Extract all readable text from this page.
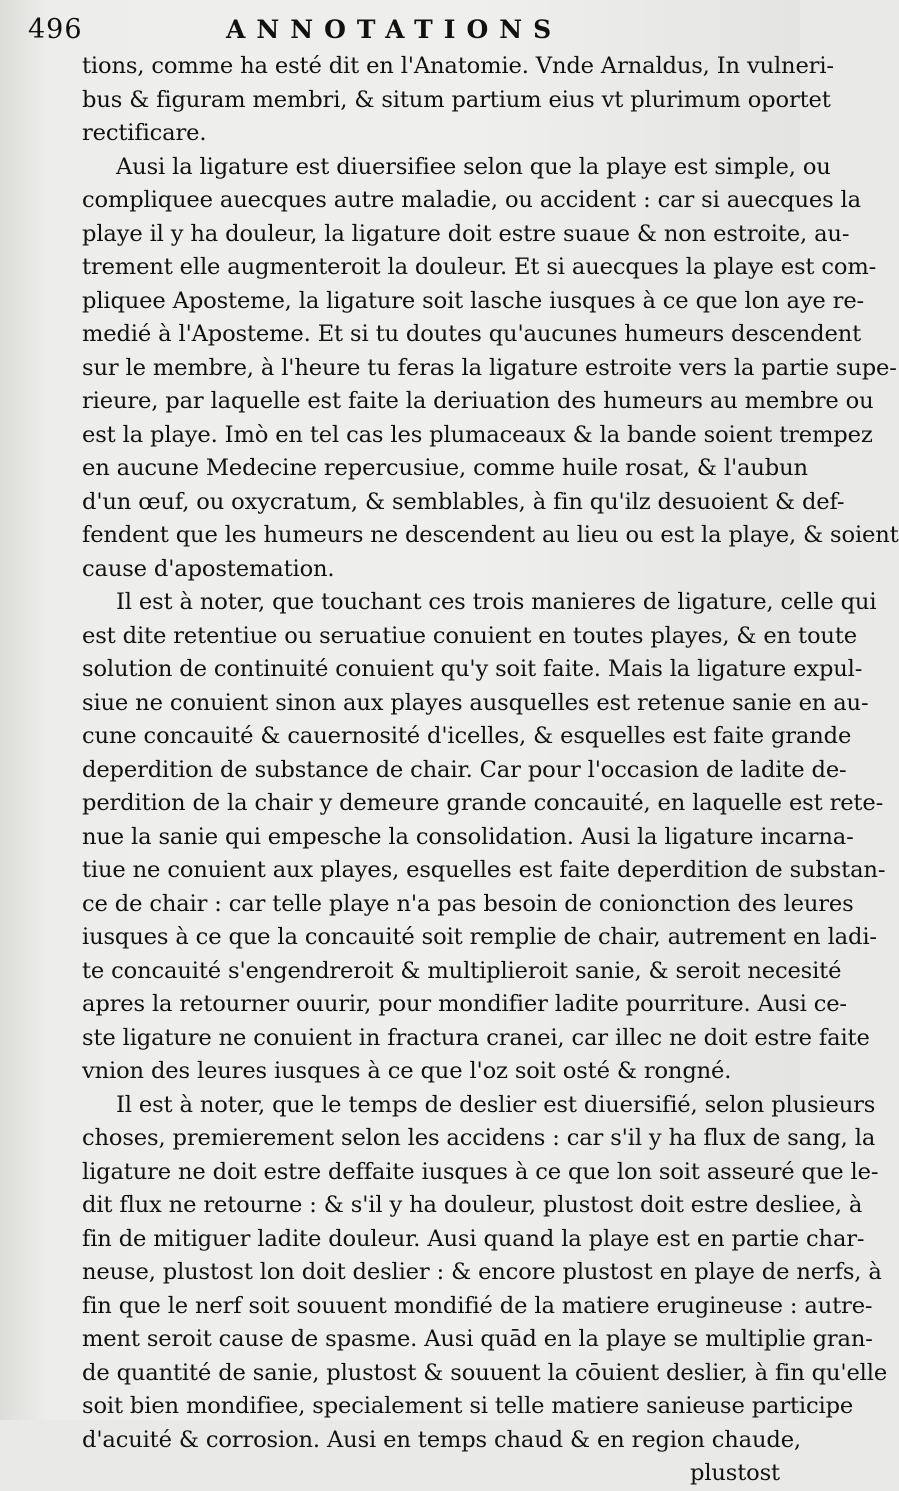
496	ANNOTATIONS
tions, comme ha esté dit en l'Anatomie. Vnde Arnaldus, In vulneri-
bus & figuram membri, & situm partium eius vt plurimum oportet
rectificare.
Ausi la ligature est diuersifiee selon que la playe est simple, ou
compliquee auecques autre maladie, ou accident : car si auecques la
playe il y ha douleur, la ligature doit estre suaue & non estroite, au-
trement elle augmenteroit la douleur. Et si auecques la playe est com-
pliquee Aposteme, la ligature soit lasche iusques à ce que lon aye re-
medié à l'Aposteme. Et si tu doutes qu'aucunes humeurs descendent
sur le membre, à l'heure tu feras la ligature estroite vers la partie supe-
rieure, par laquelle est faite la deriuation des humeurs au membre ou
est la playe. Imò en tel cas les plumaceaux & la bande soient trempez
en aucune Medecine repercusiue, comme huile rosat, & l'aubun
d'un œuf, ou oxycratum, & semblables, à fin qu'ilz desuoient & def-
fendent que les humeurs ne descendent au lieu ou est la playe, & soient
cause d'apostemation.
Il est à noter, que touchant ces trois manieres de ligature, celle qui
est dite retentiue ou seruatiue conuient en toutes playes, & en toute
solution de continuité conuient qu'y soit faite. Mais la ligature expul-
siue ne conuient sinon aux playes ausquelles est retenue sanie en au-
cune concauité & cauernosité d'icelles, & esquelles est faite grande
deperdition de substance de chair. Car pour l'occasion de ladite de-
perdition de la chair y demeure grande concauité, en laquelle est rete-
nue la sanie qui empesche la consolidation. Ausi la ligature incarna-
tiue ne conuient aux playes, esquelles est faite deperdition de substan-
ce de chair : car telle playe n'a pas besoin de conionction des leures
iusques à ce que la concauité soit remplie de chair, autrement en ladi-
te concauité s'engendreroit & multiplieroit sanie, & seroit necesité
apres la retourner ouurir, pour mondifier ladite pourriture. Ausi ce-
ste ligature ne conuient in fractura cranei, car illec ne doit estre faite
vnion des leures iusques à ce que l'oz soit osté & rongné.
Il est à noter, que le temps de deslier est diuersifié, selon plusieurs
choses, premierement selon les accidens : car s'il y ha flux de sang, la
ligature ne doit estre deffaite iusques à ce que lon soit asseuré que le-
dit flux ne retourne : & s'il y ha douleur, plustost doit estre desliee, à
fin de mitiguer ladite douleur. Ausi quand la playe est en partie char-
neuse, plustost lon doit deslier : & encore plustost en playe de nerfs, à
fin que le nerf soit souuent mondifié de la matiere erugineuse : autre-
ment seroit cause de spasme. Ausi quād en la playe se multiplie gran-
de quantité de sanie, plustost & souuent la cōuient deslier, à fin qu'elle
soit bien mondifiee, specialement si telle matiere sanieuse participe
d'acuité & corrosion. Ausi en temps chaud & en region chaude,
plustost
